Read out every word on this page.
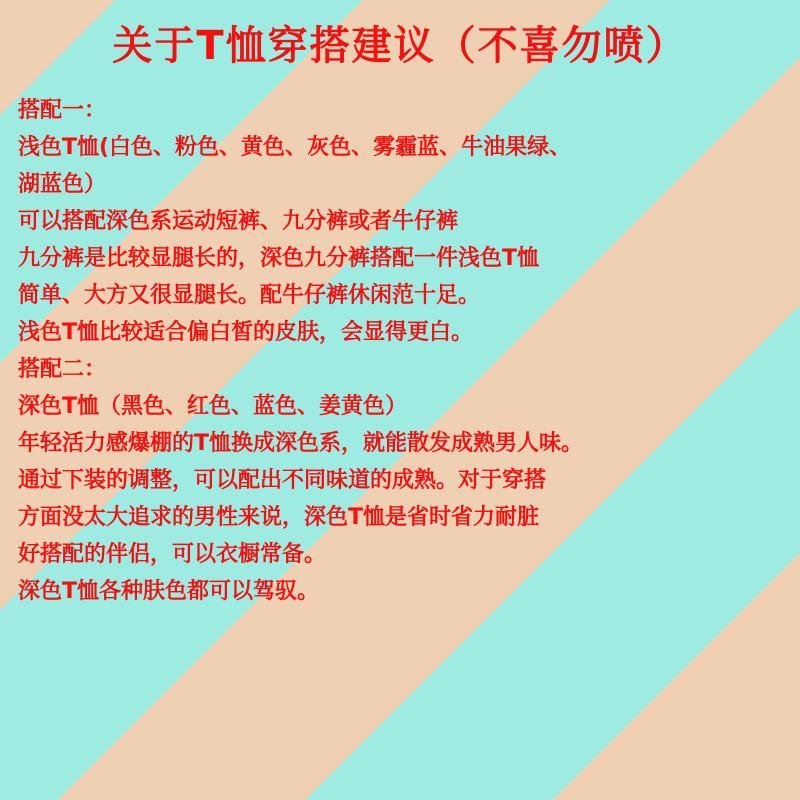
关于T恤穿搭建议（不喜勿喷）

搭配一：

浅色T恤(白色、粉色、黄色、灰色、雾霾蓝、牛油果绿、

湖蓝色）

可以搭配深色系运动短裤、九分裤或者牛仔裤

九分裤是比较显腿长的，深色九分裤搭配一件浅色T恤

简单、大方又很显腿长。配牛仔裤休闲范十足。

浅色T恤比较适合偏白皙的皮肤，会显得更白。

搭配二：

深色T恤（黑色、红色、蓝色、姜黄色）

年轻活力感爆棚的T恤换成深色系，就能散发成熟男人味。

通过下装的调整，可以配出不同味道的成熟。对于穿搭

方面没太大追求的男性来说，深色T恤是省时省力耐脏

好搭配的伴侣，可以衣橱常备。

深色T恤各种肤色都可以驾驭。
